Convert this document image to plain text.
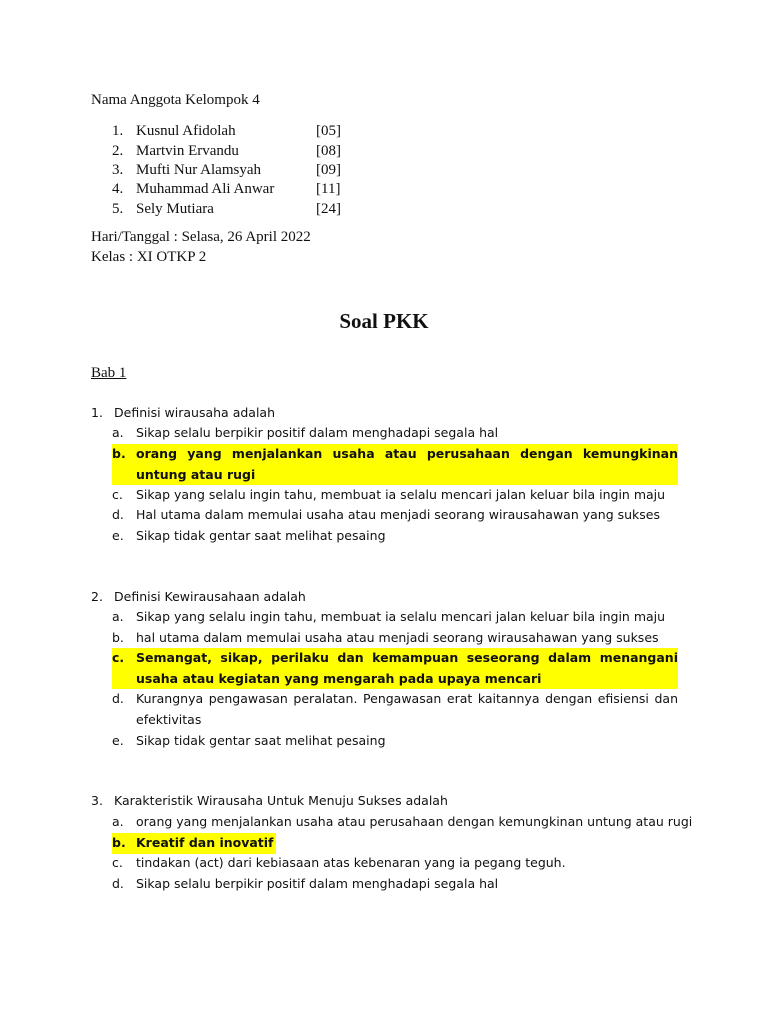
Nama Anggota Kelompok 4
1. Kusnul Afidolah	[05]
2. Martvin Ervandu	[08]
3. Mufti Nur Alamsyah	[09]
4. Muhammad Ali Anwar	[11]
5. Sely Mutiara	[24]
Hari/Tanggal : Selasa, 26 April 2022
Kelas : XI OTKP 2
Soal PKK
Bab 1
1. Definisi wirausaha adalah
a. Sikap selalu berpikir positif dalam menghadapi segala hal
b. orang yang menjalankan usaha atau perusahaan dengan kemungkinan untung atau rugi
c.	Sikap yang selalu ingin tahu, membuat ia selalu mencari jalan keluar bila ingin maju
d. Hal utama dalam memulai usaha atau menjadi seorang wirausahawan yang sukses
e. Sikap tidak gentar saat melihat pesaing
2. Definisi Kewirausahaan adalah
a. Sikap yang selalu ingin tahu, membuat ia selalu mencari jalan keluar bila ingin maju
b. hal utama dalam memulai usaha atau menjadi seorang wirausahawan yang sukses
c. Semangat, sikap, perilaku dan kemampuan seseorang dalam menangani usaha atau kegiatan yang mengarah pada upaya mencari
d. Kurangnya pengawasan peralatan. Pengawasan erat kaitannya dengan efisiensi dan efektivitas
e. Sikap tidak gentar saat melihat pesaing
3. Karakteristik Wirausaha Untuk Menuju Sukses adalah
a. orang yang menjalankan usaha atau perusahaan dengan kemungkinan untung atau rugi
b. Kreatif dan inovatif
c.	tindakan (act) dari kebiasaan atas kebenaran yang ia pegang teguh.
d. Sikap selalu berpikir positif dalam menghadapi segala hal
